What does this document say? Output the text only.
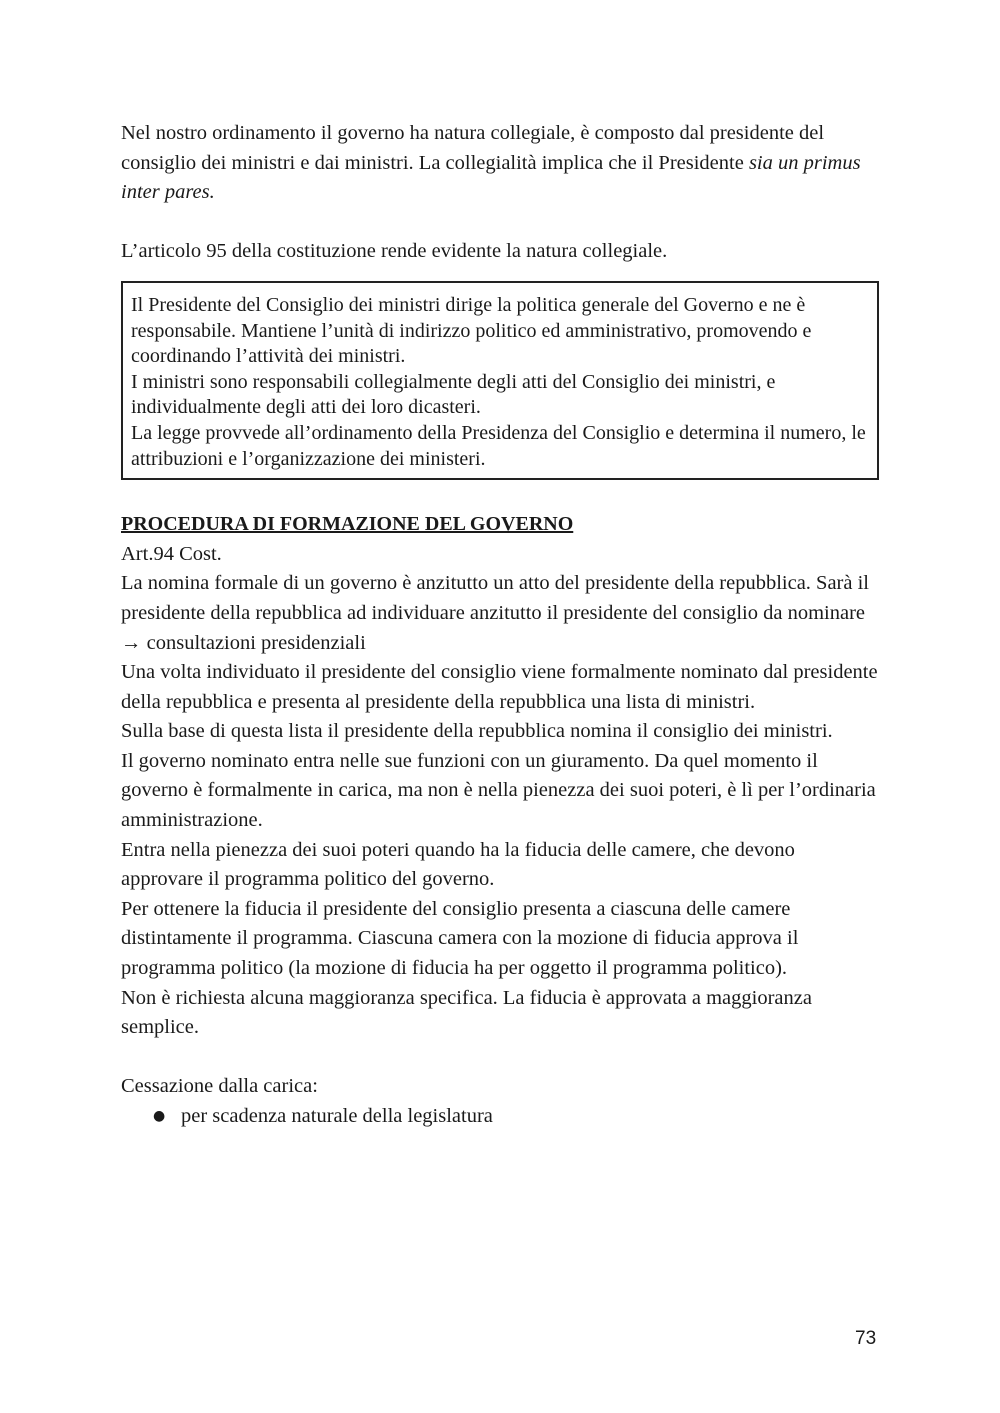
Nel nostro ordinamento il governo ha natura collegiale, è composto dal presidente del consiglio dei ministri e dai ministri. La collegialità implica che il Presidente sia un primus inter pares.

L’articolo 95 della costituzione rende evidente la natura collegiale.

Il Presidente del Consiglio dei ministri dirige la politica generale del Governo e ne è responsabile. Mantiene l’unità di indirizzo politico ed amministrativo, promovendo e coordinando l’attività dei ministri.

I ministri sono responsabili collegialmente degli atti del Consiglio dei ministri, e individualmente degli atti dei loro dicasteri.

La legge provvede all’ordinamento della Presidenza del Consiglio e determina il numero, le attribuzioni e l’organizzazione dei ministeri.

PROCEDURA DI FORMAZIONE DEL GOVERNO

Art.94 Cost.

La nomina formale di un governo è anzitutto un atto del presidente della repubblica. Sarà il presidente della repubblica ad individuare anzitutto il presidente del consiglio da nominare → consultazioni presidenziali

Una volta individuato il presidente del consiglio viene formalmente nominato dal presidente della repubblica e presenta al presidente della repubblica una lista di ministri.

Sulla base di questa lista il presidente della repubblica nomina il consiglio dei ministri.

Il governo nominato entra nelle sue funzioni con un giuramento. Da quel momento il governo è formalmente in carica, ma non è nella pienezza dei suoi poteri, è lì per l’ordinaria amministrazione.

Entra nella pienezza dei suoi poteri quando ha la fiducia delle camere, che devono approvare il programma politico del governo.

Per ottenere la fiducia il presidente del consiglio presenta a ciascuna delle camere distintamente il programma. Ciascuna camera con la mozione di fiducia approva il programma politico (la mozione di fiducia ha per oggetto il programma politico).

Non è richiesta alcuna maggioranza specifica. La fiducia è approvata a maggioranza semplice.

Cessazione dalla carica:

● per scadenza naturale della legislatura
73
